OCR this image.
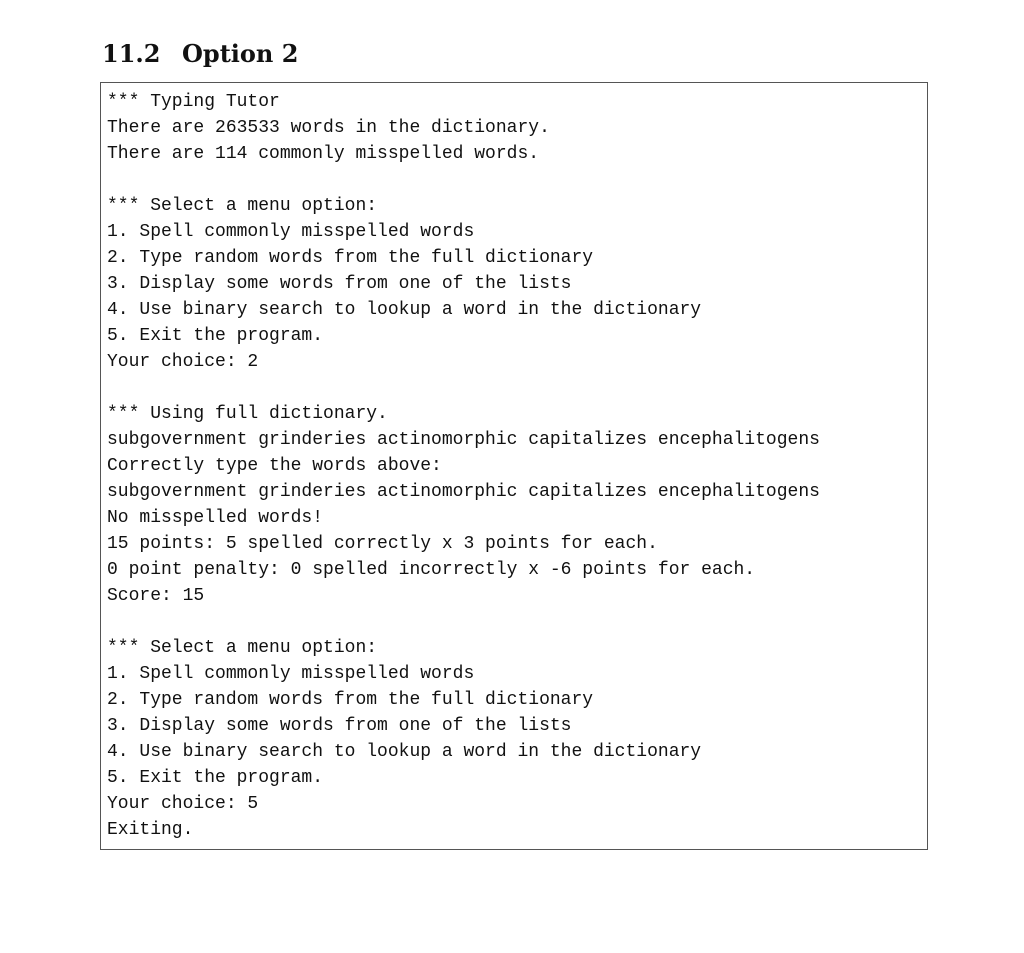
11.2 Option 2
*** Typing Tutor
There are 263533 words in the dictionary.
There are 114 commonly misspelled words.
*** Select a menu option:
1. Spell commonly misspelled words
2. Type random words from the full dictionary
3. Display some words from one of the lists
4. Use binary search to lookup a word in the dictionary
5. Exit the program.
Your choice: 2
*** Using full dictionary.
subgovernment grinderies actinomorphic capitalizes encephalitogens
Correctly type the words above:
subgovernment grinderies actinomorphic capitalizes encephalitogens
No misspelled words!
15 points: 5 spelled correctly x 3 points for each.
0 point penalty: 0 spelled incorrectly x -6 points for each.
Score: 15
*** Select a menu option:
1. Spell commonly misspelled words
2. Type random words from the full dictionary
3. Display some words from one of the lists
4. Use binary search to lookup a word in the dictionary
5. Exit the program.
Your choice: 5
Exiting.
